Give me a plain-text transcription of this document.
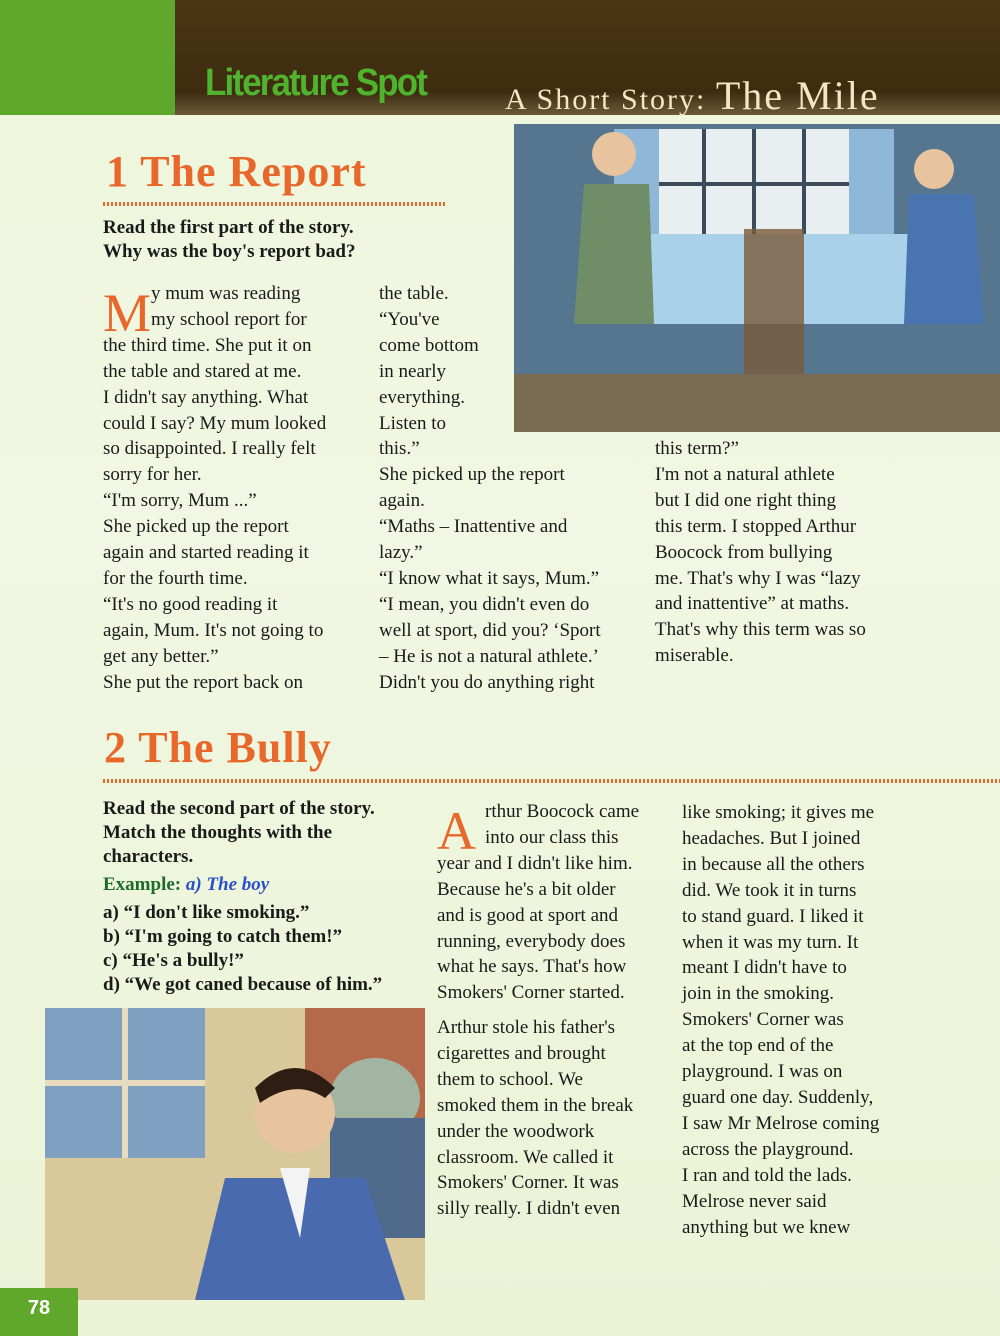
Literature Spot	A Short Story: The Mile
1 The Report
Read the first part of the story.
Why was the boy's report bad?
M y mum was reading
my school report for
the third time. She put it on
the table and stared at me.
I didn't say anything. What
could I say? My mum looked
so disappointed. I really felt
sorry for her.
“I'm sorry, Mum ...”
She picked up the report
again and started reading it
for the fourth time.
“It's no good reading it
again, Mum. It's not going to
get any better.”
She put the report back on
the table.
“You've
come bottom
in nearly
everything.
Listen to
this.”
She picked up the report
again.
“Maths – Inattentive and
lazy.”
“I know what it says, Mum.”
“I mean, you didn't even do
well at sport, did you? ‘Sport
– He is not a natural athlete.’
Didn't you do anything right
this term?”
I'm not a natural athlete
but I did one right thing
this term. I stopped Arthur
Boocock from bullying
me. That's why I was “lazy
and inattentive” at maths.
That's why this term was so
miserable.
2 The Bully
Read the second part of the story.
Match the thoughts with the
characters.
Example: a) The boy
a) “I don't like smoking.”
b) “I'm going to catch them!”
c) “He's a bully!”
d) “We got caned because of him.”
A rthur Boocock came
into our class this
year and I didn't like him.
Because he's a bit older
and is good at sport and
running, everybody does
what he says. That's how
Smokers' Corner started.
Arthur stole his father's
cigarettes and brought
them to school. We
smoked them in the break
under the woodwork
classroom. We called it
Smokers' Corner. It was
silly really. I didn't even
like smoking; it gives me
headaches. But I joined
in because all the others
did. We took it in turns
to stand guard. I liked it
when it was my turn. It
meant I didn't have to
join in the smoking.
Smokers' Corner was
at the top end of the
playground. I was on
guard one day. Suddenly,
I saw Mr Melrose coming
across the playground.
I ran and told the lads.
Melrose never said
anything but we knew
78
